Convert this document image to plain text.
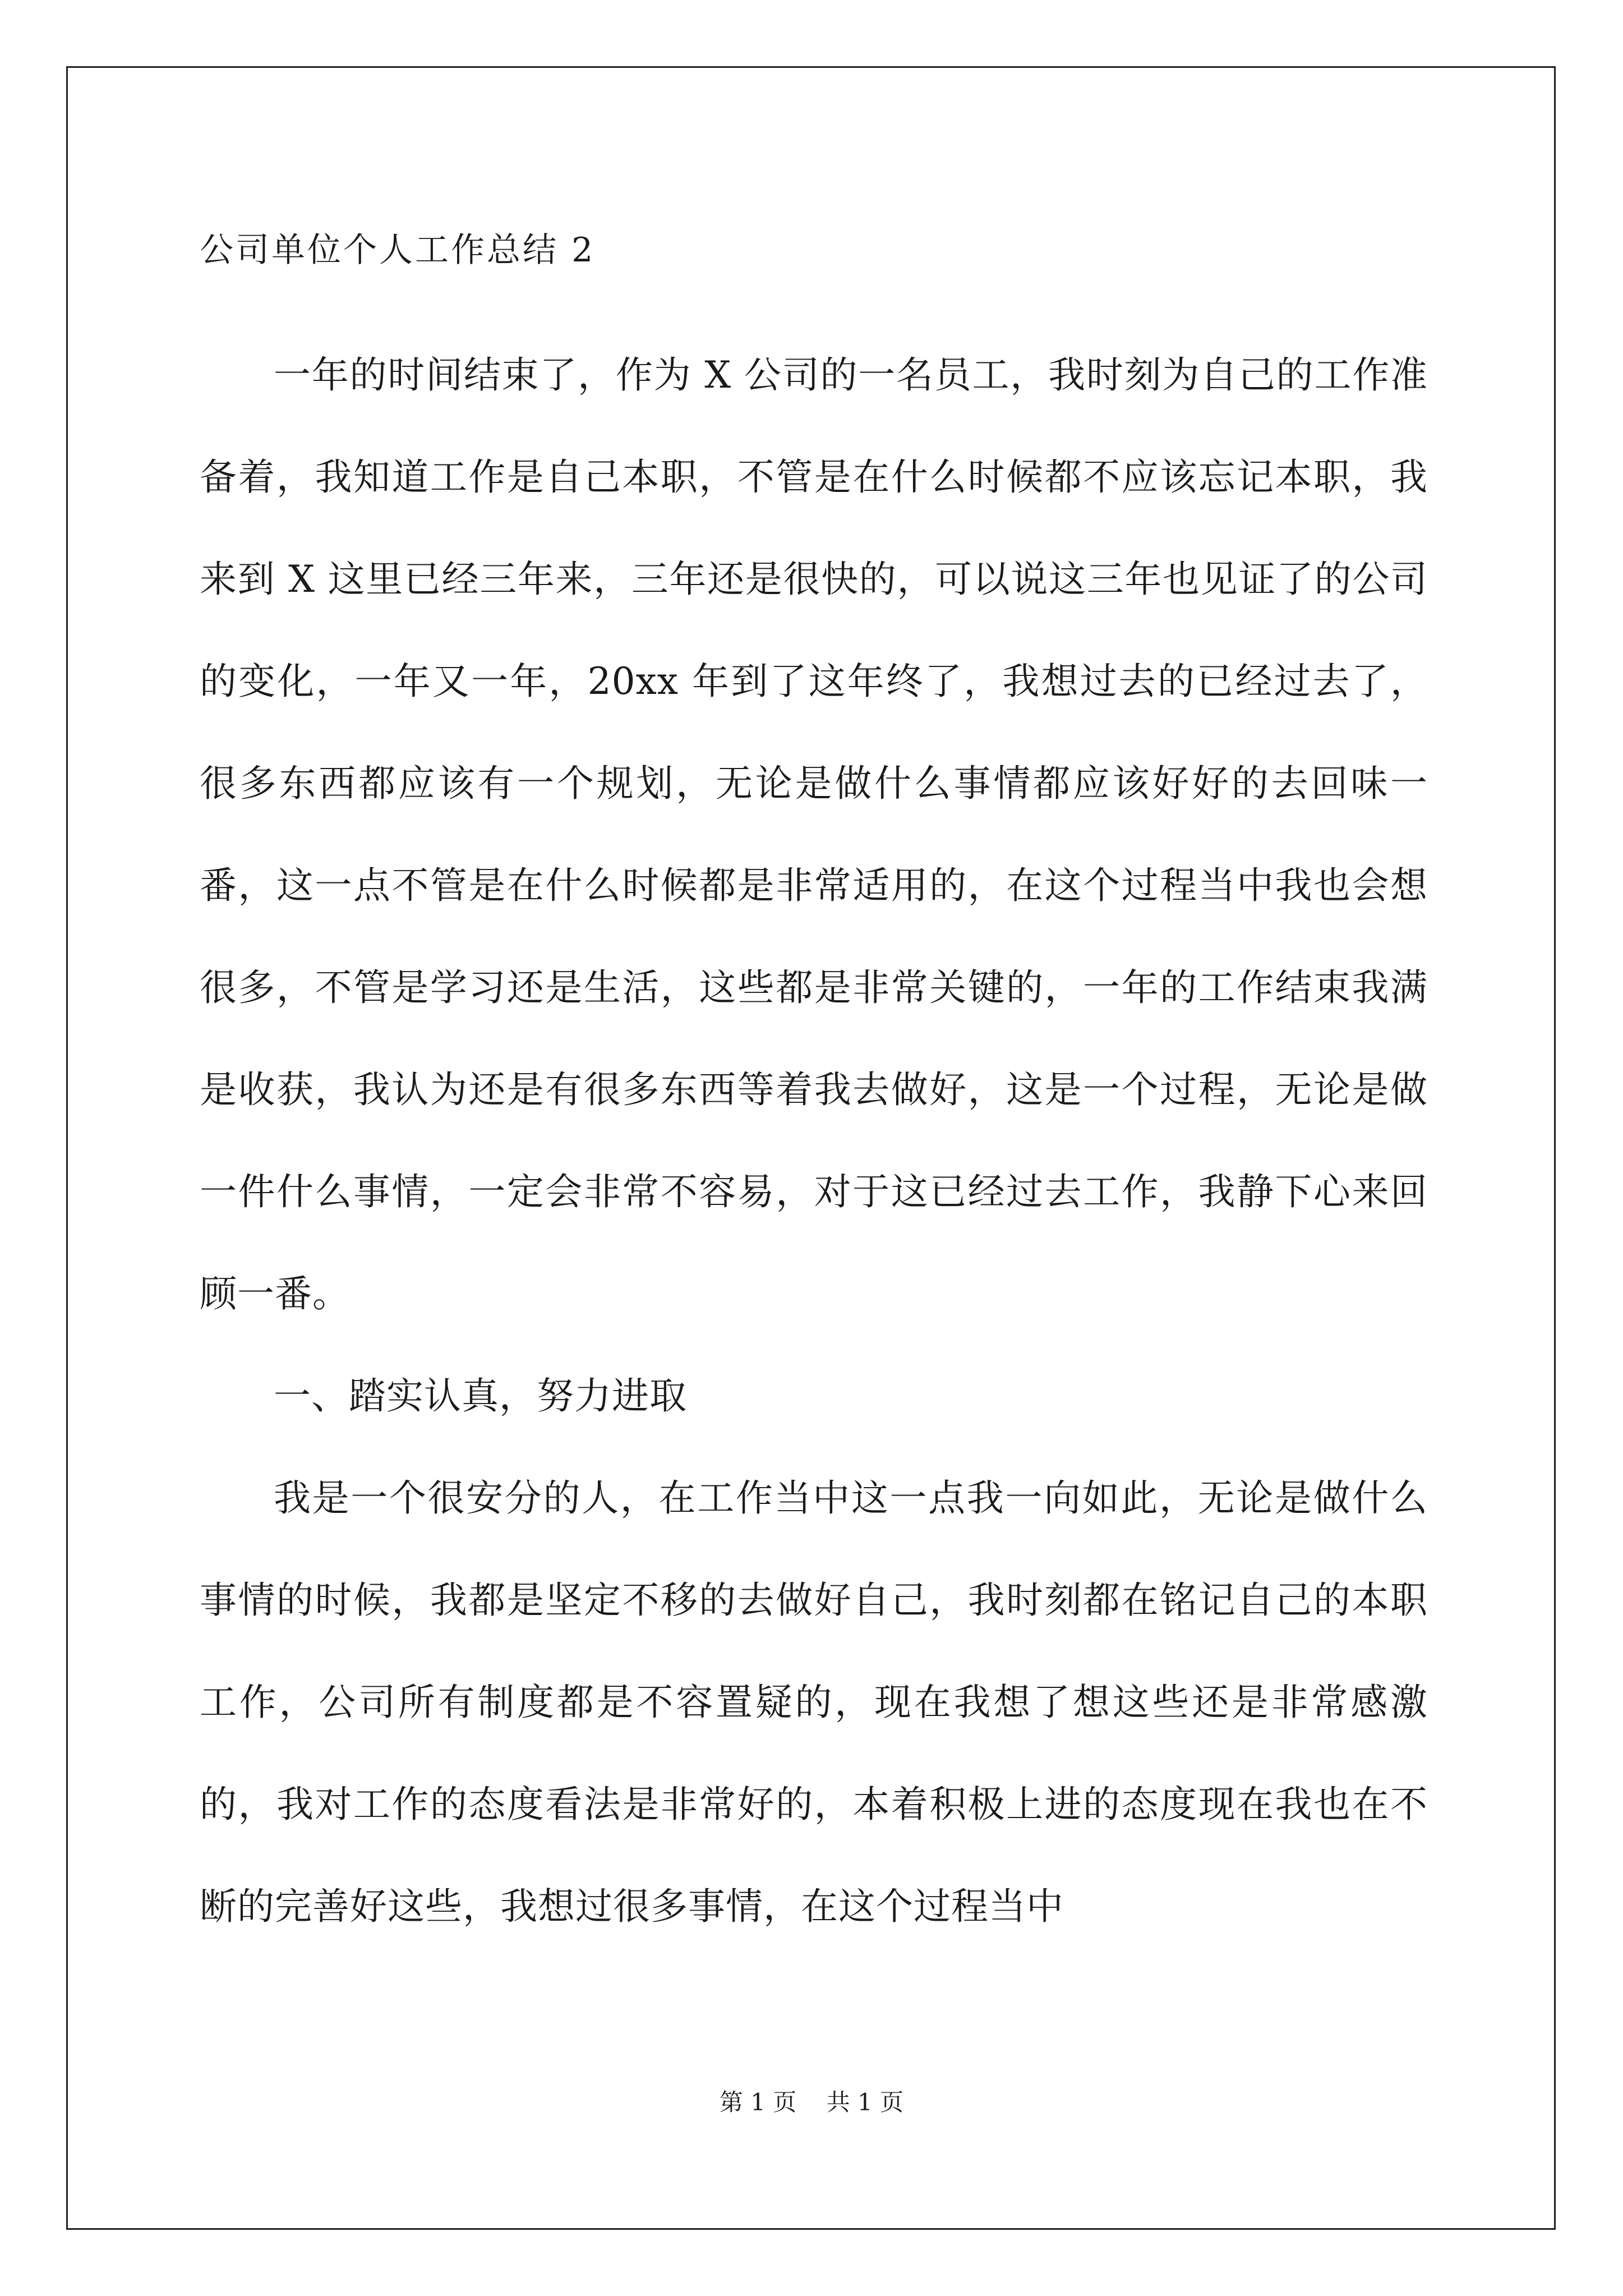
公司单位个人工作总结 2

一年的时间结束了，作为 X 公司的一名员工，我时刻为自己的工作准备着，我知道工作是自己本职，不管是在什么时候都不应该忘记本职，我来到 X 这里已经三年来，三年还是很快的，可以说这三年也见证了的公司的变化，一年又一年，20xx 年到了这年终了，我想过去的已经过去了，很多东西都应该有一个规划，无论是做什么事情都应该好好的去回味一番，这一点不管是在什么时候都是非常适用的，在这个过程当中我也会想很多，不管是学习还是生活，这些都是非常关键的，一年的工作结束我满是收获，我认为还是有很多东西等着我去做好，这是一个过程，无论是做一件什么事情，一定会非常不容易，对于这已经过去工作，我静下心来回顾一番。

一、踏实认真，努力进取

我是一个很安分的人，在工作当中这一点我一向如此，无论是做什么事情的时候，我都是坚定不移的去做好自己，我时刻都在铭记自己的本职工作，公司所有制度都是不容置疑的，现在我想了想这些还是非常感激的，我对工作的态度看法是非常好的，本着积极上进的态度现在我也在不断的完善好这些，我想过很多事情，在这个过程当中

第 1 页    共 1 页
